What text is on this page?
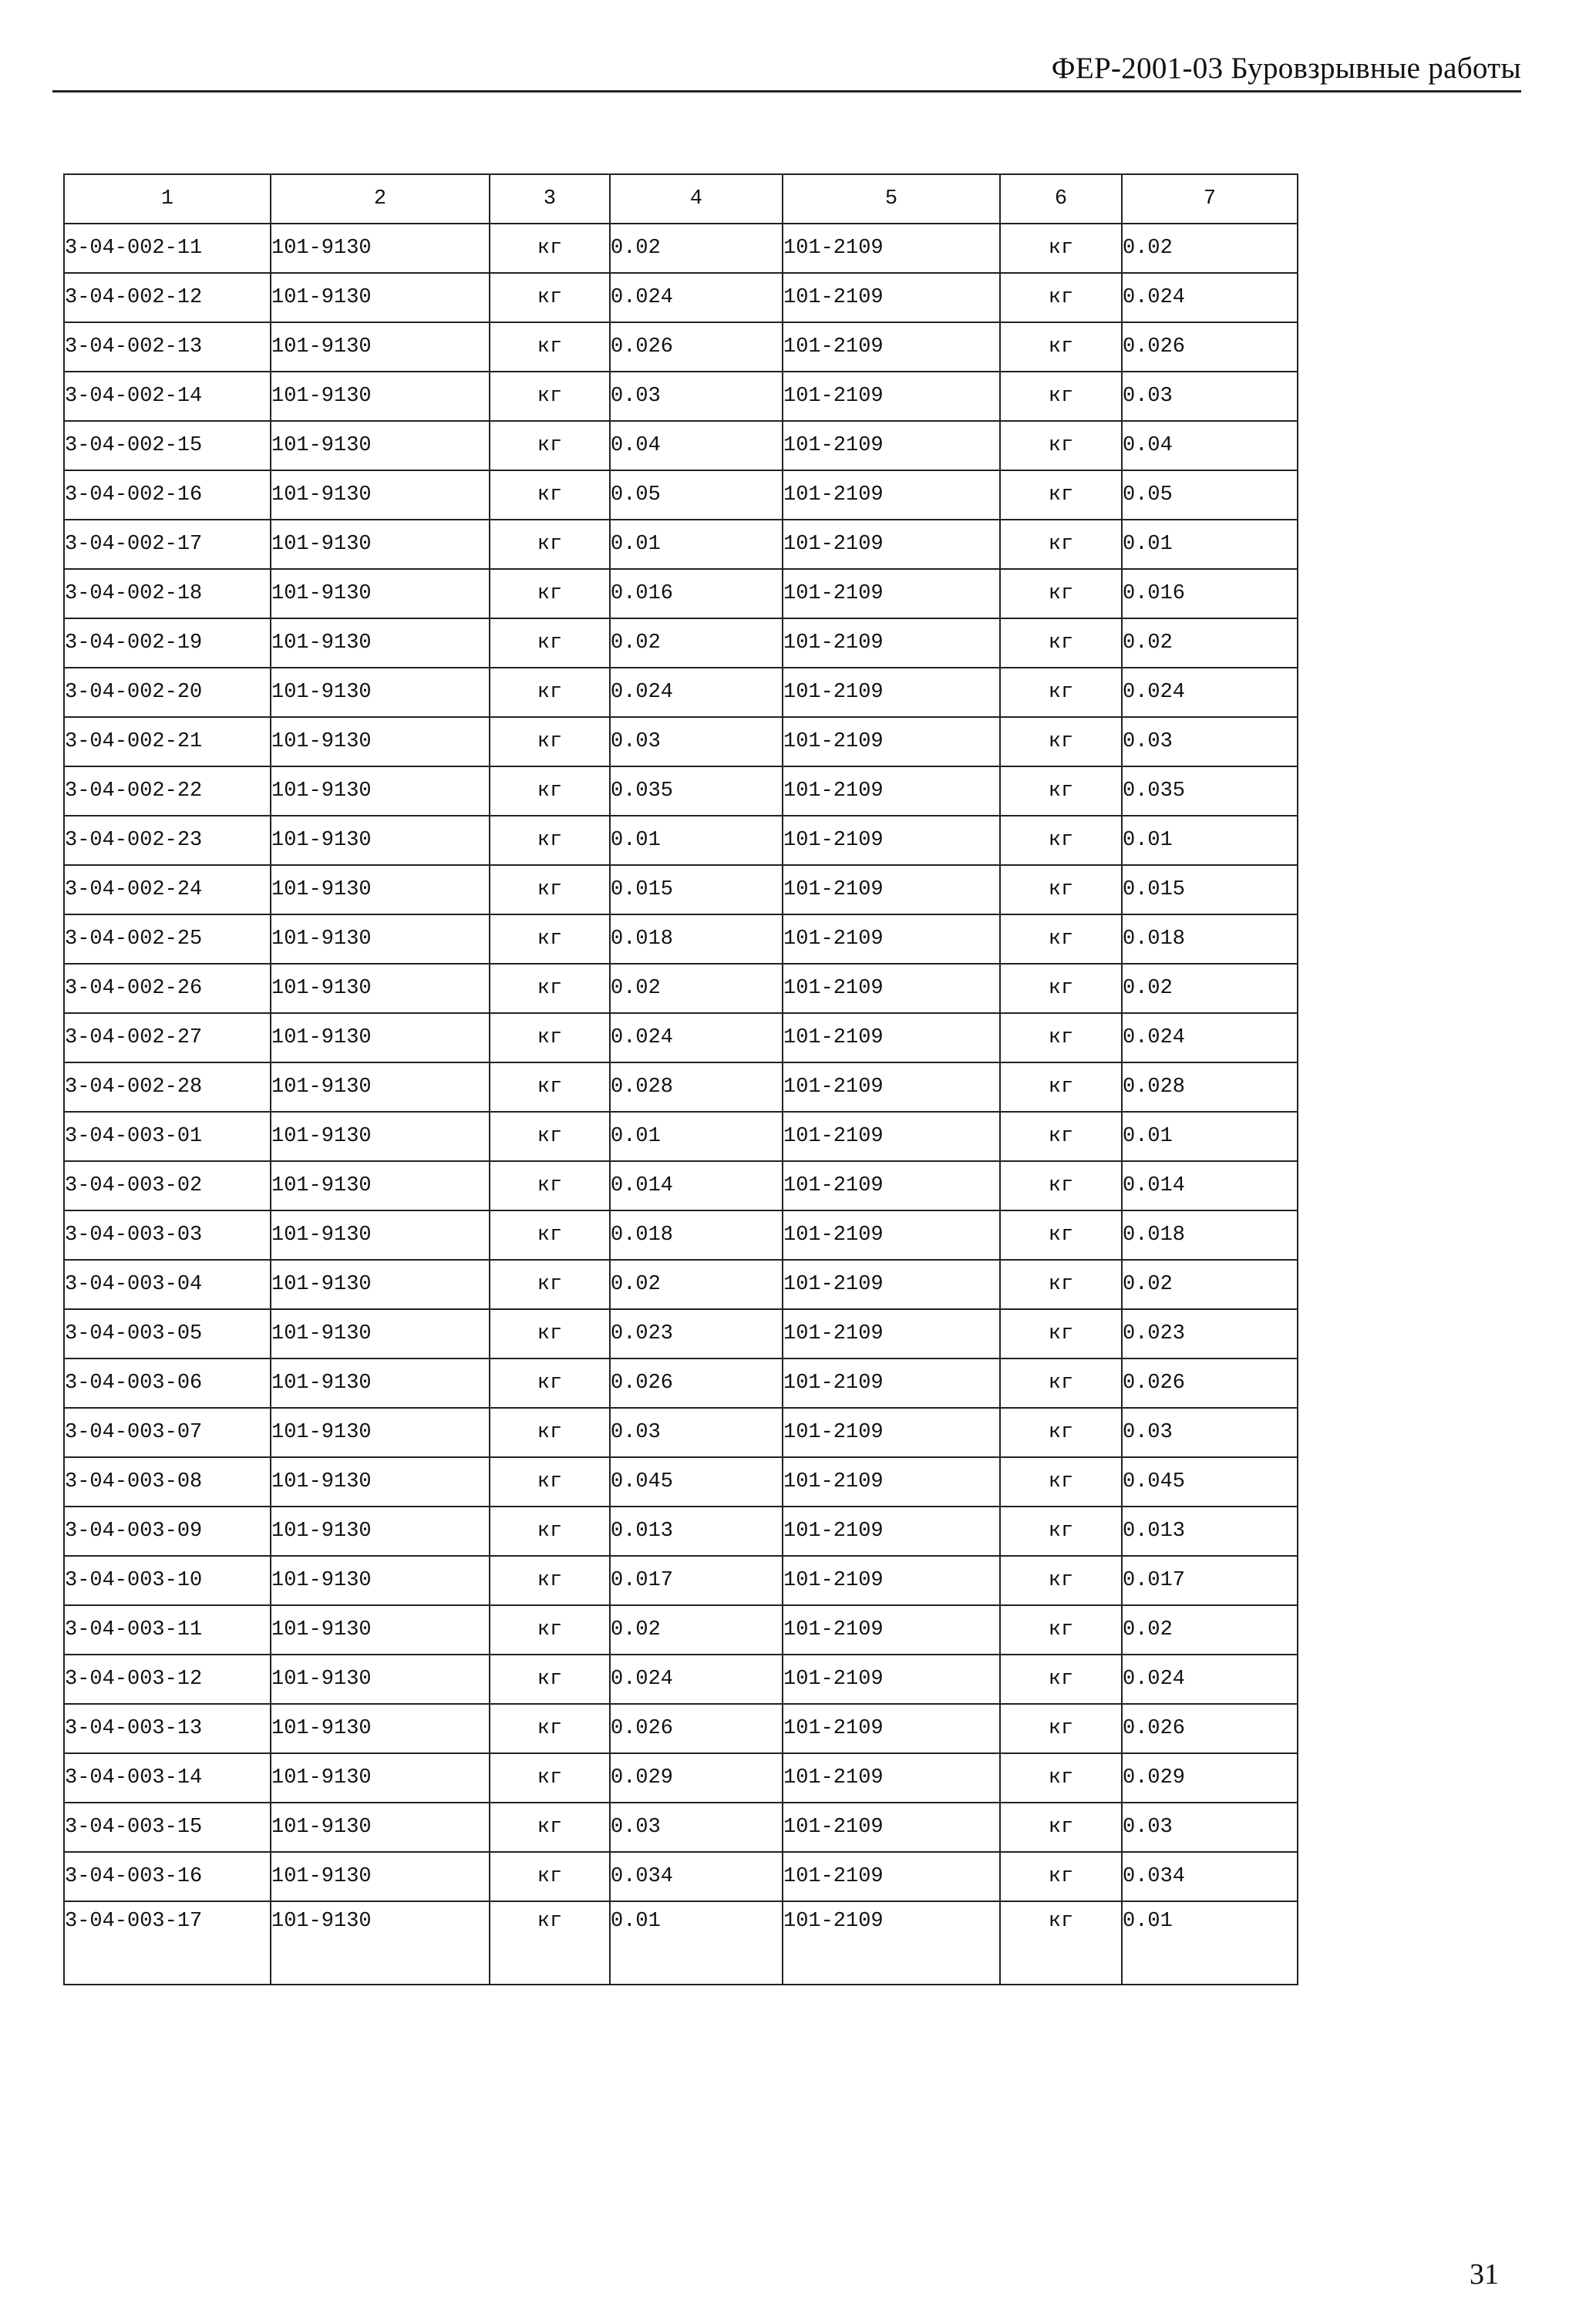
ФЕР-2001-03 Буровзрывные работы
1	2	3	4	5	6	7
3-04-002-11	101-9130	кг	0.02	101-2109	кг	0.02
3-04-002-12	101-9130	кг	0.024	101-2109	кг	0.024
3-04-002-13	101-9130	кг	0.026	101-2109	кг	0.026
3-04-002-14	101-9130	кг	0.03	101-2109	кг	0.03
3-04-002-15	101-9130	кг	0.04	101-2109	кг	0.04
3-04-002-16	101-9130	кг	0.05	101-2109	кг	0.05
3-04-002-17	101-9130	кг	0.01	101-2109	кг	0.01
3-04-002-18	101-9130	кг	0.016	101-2109	кг	0.016
3-04-002-19	101-9130	кг	0.02	101-2109	кг	0.02
3-04-002-20	101-9130	кг	0.024	101-2109	кг	0.024
3-04-002-21	101-9130	кг	0.03	101-2109	кг	0.03
3-04-002-22	101-9130	кг	0.035	101-2109	кг	0.035
3-04-002-23	101-9130	кг	0.01	101-2109	кг	0.01
3-04-002-24	101-9130	кг	0.015	101-2109	кг	0.015
3-04-002-25	101-9130	кг	0.018	101-2109	кг	0.018
3-04-002-26	101-9130	кг	0.02	101-2109	кг	0.02
3-04-002-27	101-9130	кг	0.024	101-2109	кг	0.024
3-04-002-28	101-9130	кг	0.028	101-2109	кг	0.028
3-04-003-01	101-9130	кг	0.01	101-2109	кг	0.01
3-04-003-02	101-9130	кг	0.014	101-2109	кг	0.014
3-04-003-03	101-9130	кг	0.018	101-2109	кг	0.018
3-04-003-04	101-9130	кг	0.02	101-2109	кг	0.02
3-04-003-05	101-9130	кг	0.023	101-2109	кг	0.023
3-04-003-06	101-9130	кг	0.026	101-2109	кг	0.026
3-04-003-07	101-9130	кг	0.03	101-2109	кг	0.03
3-04-003-08	101-9130	кг	0.045	101-2109	кг	0.045
3-04-003-09	101-9130	кг	0.013	101-2109	кг	0.013
3-04-003-10	101-9130	кг	0.017	101-2109	кг	0.017
3-04-003-11	101-9130	кг	0.02	101-2109	кг	0.02
3-04-003-12	101-9130	кг	0.024	101-2109	кг	0.024
3-04-003-13	101-9130	кг	0.026	101-2109	кг	0.026
3-04-003-14	101-9130	кг	0.029	101-2109	кг	0.029
3-04-003-15	101-9130	кг	0.03	101-2109	кг	0.03
3-04-003-16	101-9130	кг	0.034	101-2109	кг	0.034
3-04-003-17	101-9130	кг	0.01	101-2109	кг	0.01
31
